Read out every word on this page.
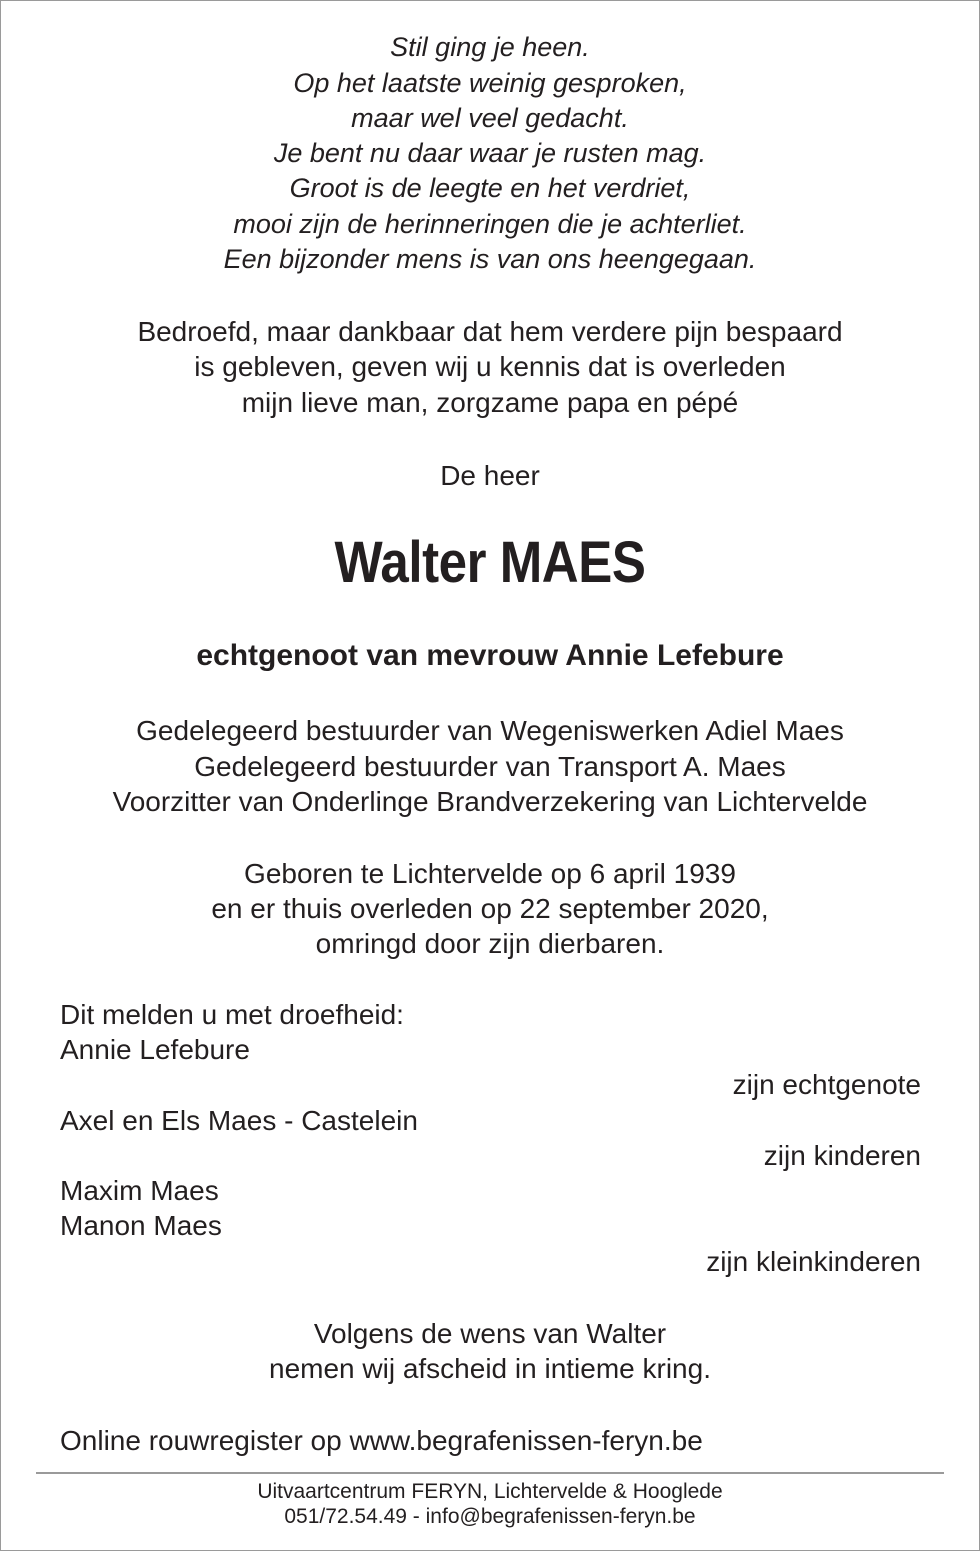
Stil ging je heen.
Op het laatste weinig gesproken,
maar wel veel gedacht.
Je bent nu daar waar je rusten mag.
Groot is de leegte en het verdriet,
mooi zijn de herinneringen die je achterliet.
Een bijzonder mens is van ons heengegaan.
Bedroefd, maar dankbaar dat hem verdere pijn bespaard
is gebleven, geven wij u kennis dat is overleden
mijn lieve man, zorgzame papa en pépé
De heer
Walter MAES
echtgenoot van mevrouw Annie Lefebure
Gedelegeerd bestuurder van Wegeniswerken Adiel Maes
Gedelegeerd bestuurder van Transport A. Maes
Voorzitter van Onderlinge Brandverzekering van Lichtervelde
Geboren te Lichtervelde op 6 april 1939
en er thuis overleden op 22 september 2020,
omringd door zijn dierbaren.
Dit melden u met droefheid:
Annie Lefebure
zijn echtgenote
Axel en Els Maes - Castelein
zijn kinderen
Maxim Maes
Manon Maes
zijn kleinkinderen
Volgens de wens van Walter
nemen wij afscheid in intieme kring.
Online rouwregister op www.begrafenissen-feryn.be
Uitvaartcentrum FERYN, Lichtervelde & Hooglede
051/72.54.49 - info@begrafenissen-feryn.be
